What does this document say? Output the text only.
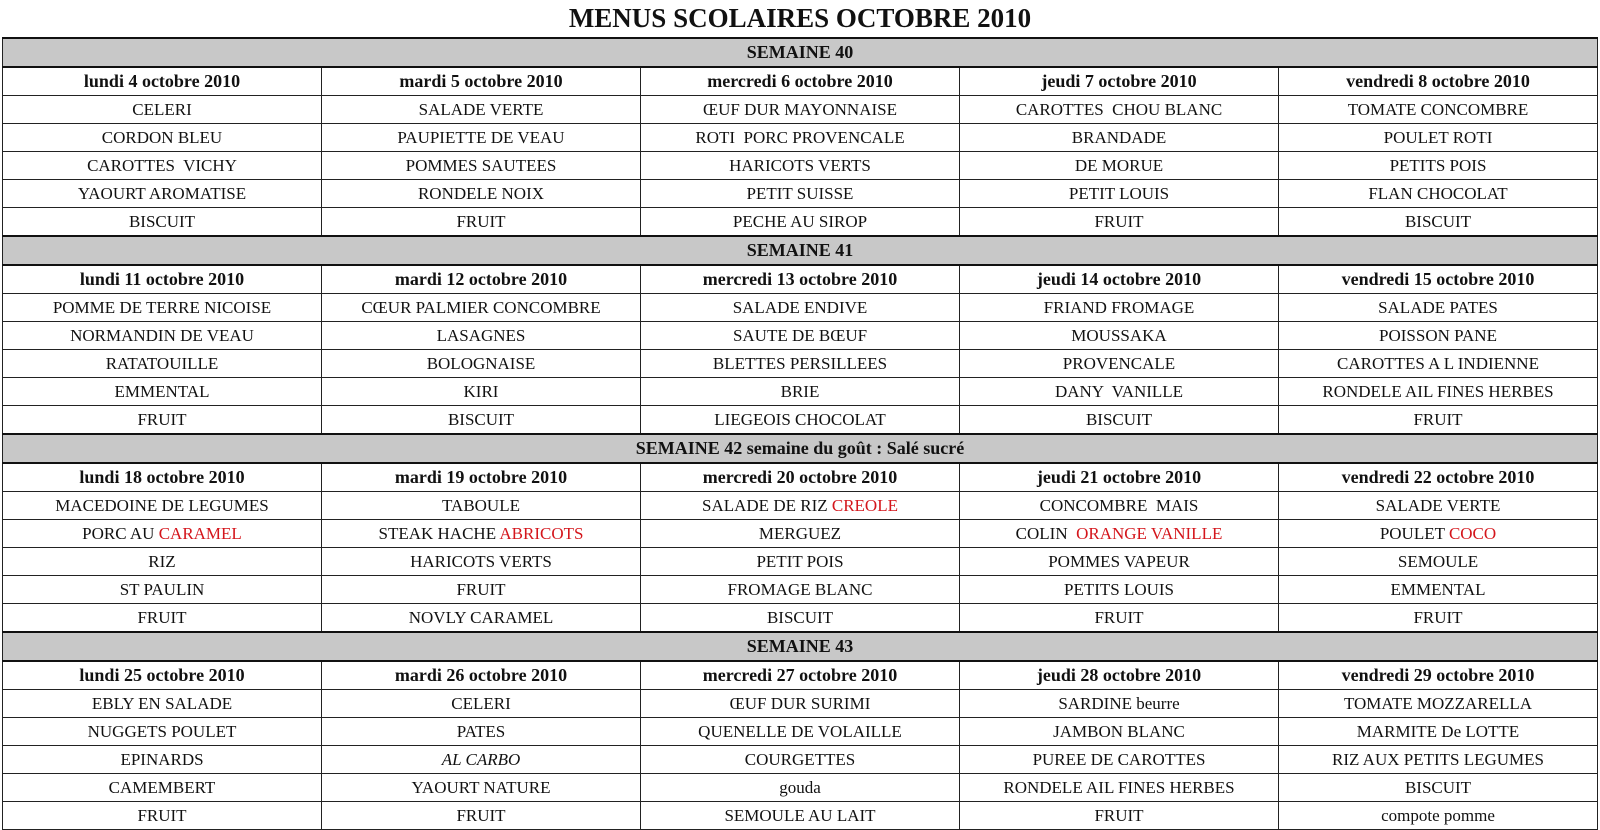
MENUS SCOLAIRES OCTOBRE 2010
SEMAINE 40				
lundi 4 octobre 2010	mardi 5 octobre 2010	mercredi 6 octobre 2010	jeudi 7 octobre 2010	vendredi 8 octobre 2010
CELERI	SALADE VERTE	ŒUF DUR MAYONNAISE	CAROTTES  CHOU BLANC	TOMATE CONCOMBRE
CORDON BLEU	PAUPIETTE DE VEAU	ROTI  PORC PROVENCALE	BRANDADE	POULET ROTI
CAROTTES  VICHY	POMMES SAUTEES	HARICOTS VERTS	DE MORUE	PETITS POIS
YAOURT AROMATISE	RONDELE NOIX	PETIT SUISSE	PETIT LOUIS	FLAN CHOCOLAT
BISCUIT	FRUIT	PECHE AU SIROP	FRUIT	BISCUIT
SEMAINE 41				
lundi 11 octobre 2010	mardi 12 octobre 2010	mercredi 13 octobre 2010	jeudi 14 octobre 2010	vendredi 15 octobre 2010
POMME DE TERRE NICOISE	CŒUR PALMIER CONCOMBRE	SALADE ENDIVE	FRIAND FROMAGE	SALADE PATES
NORMANDIN DE VEAU	LASAGNES	SAUTE DE BŒUF	MOUSSAKA	POISSON PANE
RATATOUILLE	BOLOGNAISE	BLETTES PERSILLEES	PROVENCALE	CAROTTES A L INDIENNE
EMMENTAL	KIRI	BRIE	DANY  VANILLE	RONDELE AIL FINES HERBES
FRUIT	BISCUIT	LIEGEOIS CHOCOLAT	BISCUIT	FRUIT
SEMAINE 42 semaine du goût : Salé sucré				
lundi 18 octobre 2010	mardi 19 octobre 2010	mercredi 20 octobre 2010	jeudi 21 octobre 2010	vendredi 22 octobre 2010
MACEDOINE DE LEGUMES	TABOULE	SALADE DE RIZ CREOLE	CONCOMBRE  MAIS	SALADE VERTE
PORC AU CARAMEL	STEAK HACHE ABRICOTS	MERGUEZ	COLIN  ORANGE VANILLE	POULET COCO
RIZ	HARICOTS VERTS	PETIT POIS	POMMES VAPEUR	SEMOULE
ST PAULIN	FRUIT	FROMAGE BLANC	PETITS LOUIS	EMMENTAL
FRUIT	NOVLY CARAMEL	BISCUIT	FRUIT	FRUIT
SEMAINE 43				
lundi 25 octobre 2010	mardi 26 octobre 2010	mercredi 27 octobre 2010	jeudi 28 octobre 2010	vendredi 29 octobre 2010
EBLY EN SALADE	CELERI	ŒUF DUR SURIMI	SARDINE beurre	TOMATE MOZZARELLA
NUGGETS POULET	PATES	QUENELLE DE VOLAILLE	JAMBON BLANC	MARMITE De LOTTE
EPINARDS	AL CARBO	COURGETTES	PUREE DE CAROTTES	RIZ AUX PETITS LEGUMES
CAMEMBERT	YAOURT NATURE	gouda	RONDELE AIL FINES HERBES	BISCUIT
FRUIT	FRUIT	SEMOULE AU LAIT	FRUIT	compote pomme
